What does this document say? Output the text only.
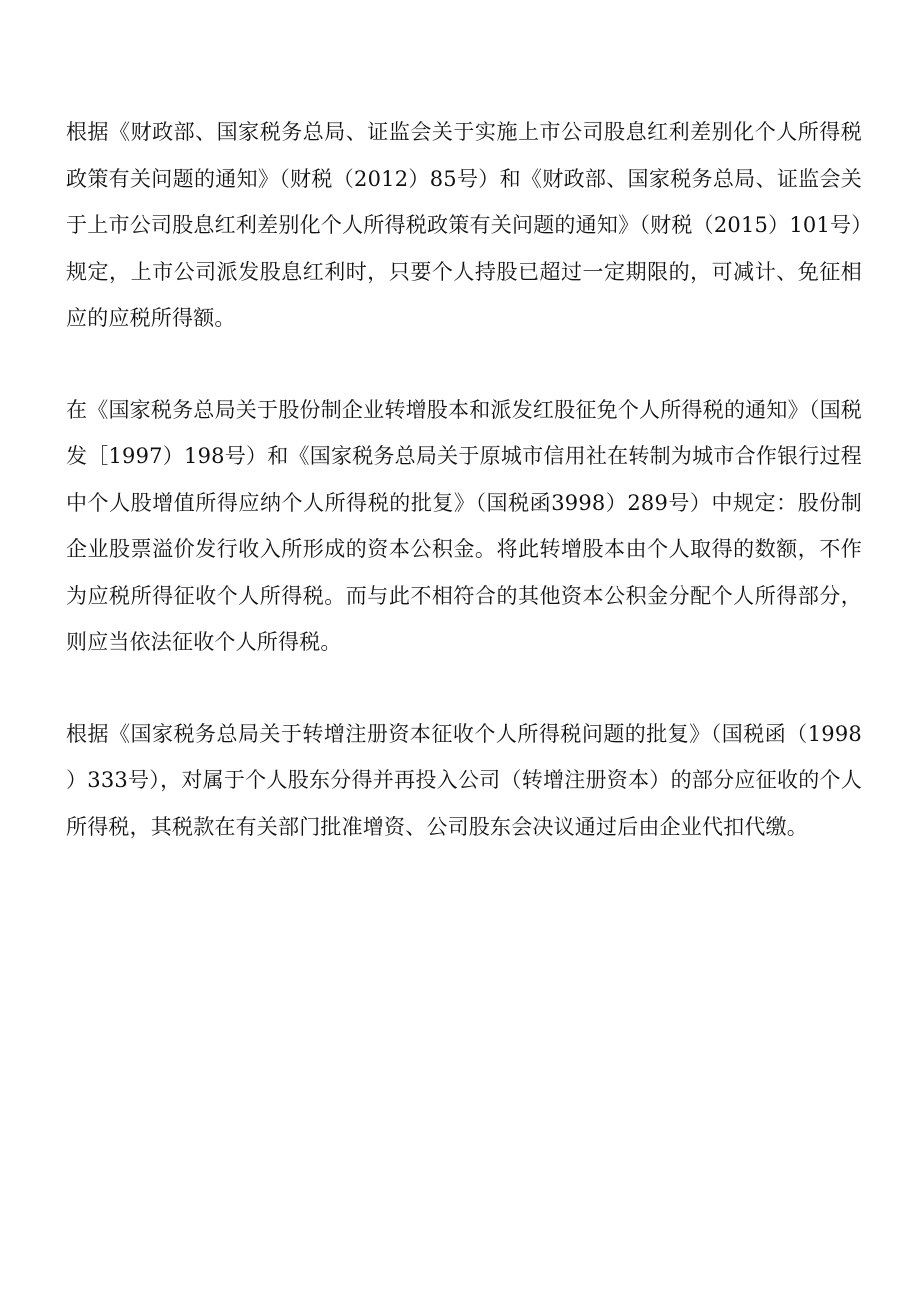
根据《财政部、国家税务总局、证监会关于实施上市公司股息红利差别化个人所得税政策有关问题的通知》（财税（2012）85号）和《财政部、国家税务总局、证监会关于上市公司股息红利差别化个人所得税政策有关问题的通知》（财税（2015）101号）规定，上市公司派发股息红利时，只要个人持股已超过一定期限的，可减计、免征相应的应税所得额。

在《国家税务总局关于股份制企业转增股本和派发红股征免个人所得税的通知》（国税发［1997）198号）和《国家税务总局关于原城市信用社在转制为城市合作银行过程中个人股增值所得应纳个人所得税的批复》（国税函3998）289号）中规定：股份制企业股票溢价发行收入所形成的资本公积金。将此转增股本由个人取得的数额，不作为应税所得征收个人所得税。而与此不相符合的其他资本公积金分配个人所得部分，则应当依法征收个人所得税。

根据《国家税务总局关于转增注册资本征收个人所得税问题的批复》（国税函（1998）333号），对属于个人股东分得并再投入公司（转增注册资本）的部分应征收的个人所得税，其税款在有关部门批准增资、公司股东会决议通过后由企业代扣代缴。
